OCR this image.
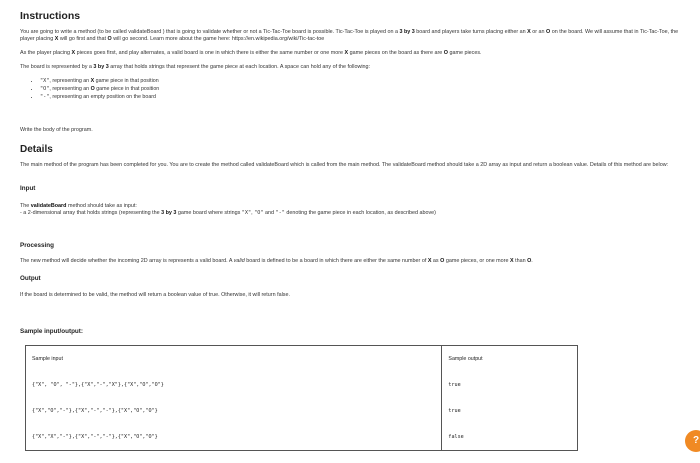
Instructions
You are going to write a method (to be called validateBoard ) that is going to validate whether or not a Tic-Tac-Toe board is possible. Tic-Tac-Toe is played on a 3 by 3 board and players take turns placing either an X or an O on the board. We will assume that in Tic-Tac-Toe, the player placing X will go first and that O will go second. Learn more about the game here: https://en.wikipedia.org/wiki/Tic-tac-toe
As the player placing X pieces goes first, and play alternates, a valid board is one in which there is either the same number or one more X game pieces on the board as there are O game pieces.
The board is represented by a 3 by 3 array that holds strings that represent the game piece at each location. A space can hold any of the following:
• "X", representing an X game piece in that position
• "O", representing an O game piece in that position
• "-", representing an empty position on the board
Write the body of the program.
Details
The main method of the program has been completed for you. You are to create the method called validateBoard which is called from the main method. The validateBoard method should take a 2D array as input and return a boolean value. Details of this method are below:
Input
The validateBoard method should take as input:
- a 2-dimensional array that holds strings (representing the 3 by 3 game board where strings "X", "O" and "-" denoting the game piece in each location, as described above)
Processing
The new method will decide whether the incoming 2D array is represents a valid board. A valid board is defined to be a board in which there are either the same number of X as O game pieces, or one more X than O.
Output
If the board is determined to be valid, the method will return a boolean value of true. Otherwise, it will return false.
Sample input/output:
Sample input	Sample output
{"X", "O", "-"},{"X","-","X"},{"X","O","O"}	true
{"X","O","-"},{"X","-","-"},{"X","O","O"}	true
{"X","X","-"},{"X","-","-"},{"X","O","O"}	false	?
